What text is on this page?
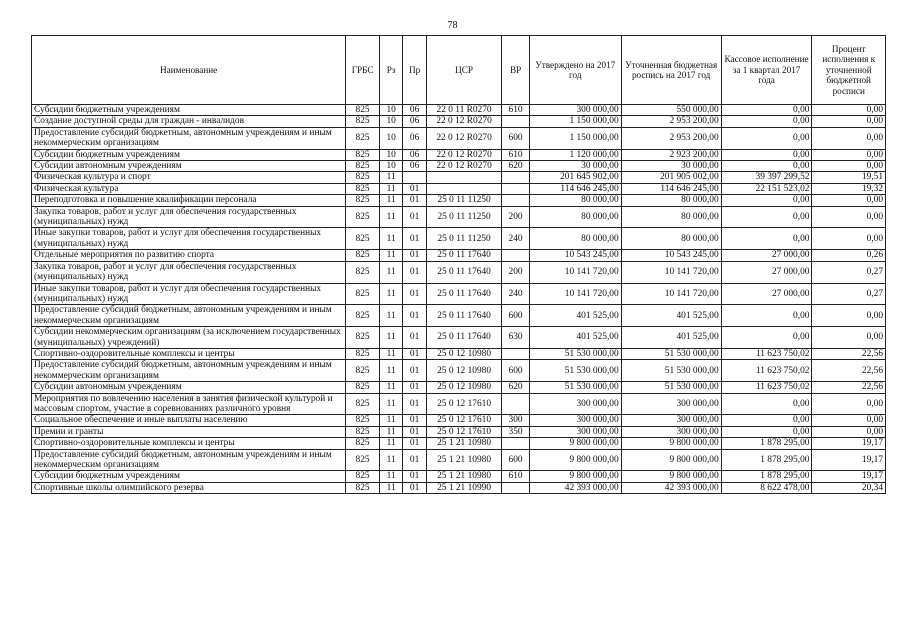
78
Наименование	ГРБС	Рз	Пр	ЦСР	ВР	Утверждено на 2017 год	Уточненная бюджетная роспись на 2017 год	Кассовое исполнение за 1 квартал 2017 года	Процент исполнения к уточненной бюджетной росписи
Субсидии бюджетным учреждениям	825	10	06	22 0 11 R0270	610	300 000,00	550 000,00	0,00	0,00
Создание доступной среды для граждан - инвалидов	825	10	06	22 0 12 R0270		1 150 000,00	2 953 200,00	0,00	0,00
Предоставление субсидий бюджетным, автономным учреждениям и иным некоммерческим организациям	825	10	06	22 0 12 R0270	600	1 150 000,00	2 953 200,00	0,00	0,00
Субсидии бюджетным учреждениям	825	10	06	22 0 12 R0270	610	1 120 000,00	2 923 200,00	0,00	0,00
Субсидии автономным учреждениям	825	10	06	22 0 12 R0270	620	30 000,00	30 000,00	0,00	0,00
Физическая культура и спорт	825	11				201 645 902,00	201 905 002,00	39 397 299,52	19,51
Физическая культура	825	11	01			114 646 245,00	114 646 245,00	22 151 523,02	19,32
Переподготовка и повышение квалификации персонала	825	11	01	25 0 11 11250		80 000,00	80 000,00	0,00	0,00
Закупка товаров, работ и услуг для обеспечения государственных (муниципальных) нужд	825	11	01	25 0 11 11250	200	80 000,00	80 000,00	0,00	0,00
Иные закупки товаров, работ и услуг для обеспечения государственных (муниципальных) нужд	825	11	01	25 0 11 11250	240	80 000,00	80 000,00	0,00	0,00
Отдельные мероприятия по развитию спорта	825	11	01	25 0 11 17640		10 543 245,00	10 543 245,00	27 000,00	0,26
Закупка товаров, работ и услуг для обеспечения государственных (муниципальных) нужд	825	11	01	25 0 11 17640	200	10 141 720,00	10 141 720,00	27 000,00	0,27
Иные закупки товаров, работ и услуг для обеспечения государственных (муниципальных) нужд	825	11	01	25 0 11 17640	240	10 141 720,00	10 141 720,00	27 000,00	0,27
Предоставление субсидий бюджетным, автономным учреждениям и иным некоммерческим организациям	825	11	01	25 0 11 17640	600	401 525,00	401 525,00	0,00	0,00
Субсидии некоммерческим организациям (за исключением государственных (муниципальных) учреждений)	825	11	01	25 0 11 17640	630	401 525,00	401 525,00	0,00	0,00
Спортивно-оздоровительные комплексы и центры	825	11	01	25 0 12 10980		51 530 000,00	51 530 000,00	11 623 750,02	22,56
Предоставление субсидий бюджетным, автономным учреждениям и иным некоммерческим организациям	825	11	01	25 0 12 10980	600	51 530 000,00	51 530 000,00	11 623 750,02	22,56
Субсидии автономным учреждениям	825	11	01	25 0 12 10980	620	51 530 000,00	51 530 000,00	11 623 750,02	22,56
Мероприятия по вовлечению населения в занятия физической культурой и массовым спортом, участие в соревнованиях различного уровня	825	11	01	25 0 12 17610		300 000,00	300 000,00	0,00	0,00
Социальное обеспечение и иные выплаты населению	825	11	01	25 0 12 17610	300	300 000,00	300 000,00	0,00	0,00
Премии и гранты	825	11	01	25 0 12 17610	350	300 000,00	300 000,00	0,00	0,00
Спортивно-оздоровительные комплексы и центры	825	11	01	25 1 21 10980		9 800 000,00	9 800 000,00	1 878 295,00	19,17
Предоставление субсидий бюджетным, автономным учреждениям и иным некоммерческим организациям	825	11	01	25 1 21 10980	600	9 800 000,00	9 800 000,00	1 878 295,00	19,17
Субсидии бюджетным учреждениям	825	11	01	25 1 21 10980	610	9 800 000,00	9 800 000,00	1 878 295,00	19,17
Спортивные школы олимпийского резерва	825	11	01	25 1 21 10990		42 393 000,00	42 393 000,00	8 622 478,00	20,34
